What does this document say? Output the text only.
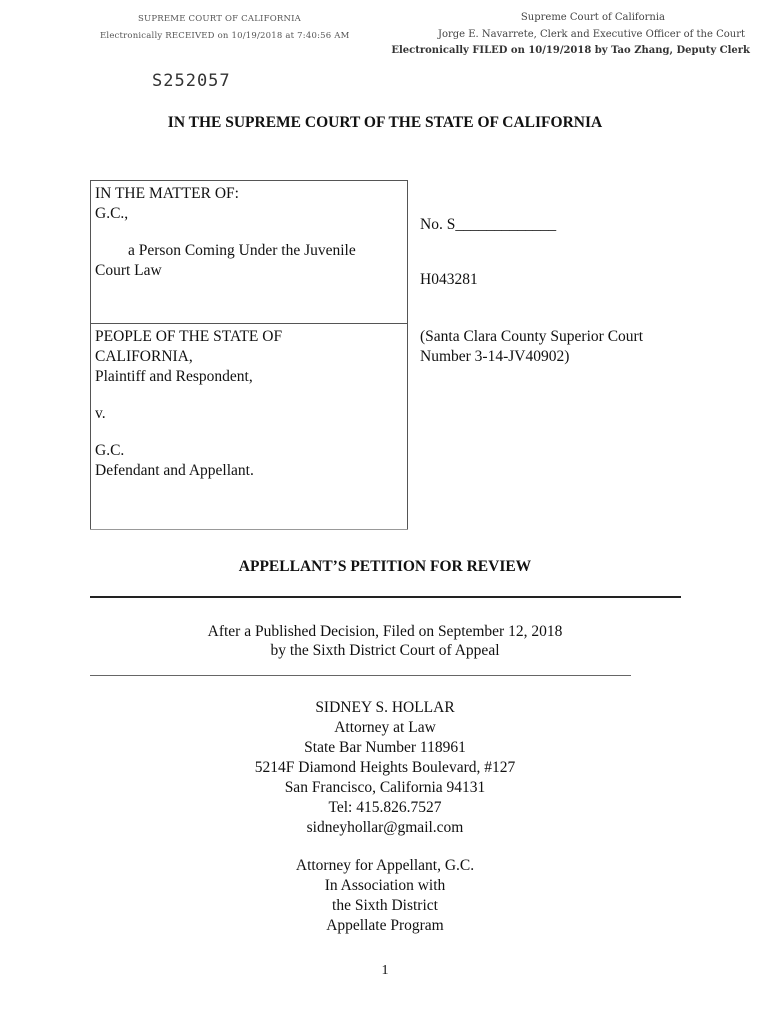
SUPREME COURT OF CALIFORNIA
Electronically RECEIVED on 10/19/2018 at 7:40:56 AM
Supreme Court of California
Jorge E. Navarrete, Clerk and Executive Officer of the Court
Electronically FILED on 10/19/2018 by Tao Zhang, Deputy Clerk
S252057
IN THE SUPREME COURT OF THE STATE OF CALIFORNIA
IN THE MATTER OF:
G.C.,
a Person Coming Under the Juvenile
Court Law
PEOPLE OF THE STATE OF
CALIFORNIA,
Plaintiff and Respondent,
v.
G.C.
Defendant and Appellant.
No. S_____________
H043281
(Santa Clara County Superior Court
Number 3-14-JV40902)
APPELLANT’S PETITION FOR REVIEW
After a Published Decision, Filed on September 12, 2018
by the Sixth District Court of Appeal
SIDNEY S. HOLLAR
Attorney at Law
State Bar Number 118961
5214F Diamond Heights Boulevard, #127
San Francisco, California 94131
Tel: 415.826.7527
sidneyhollar@gmail.com
Attorney for Appellant, G.C.
In Association with
the Sixth District
Appellate Program
1
